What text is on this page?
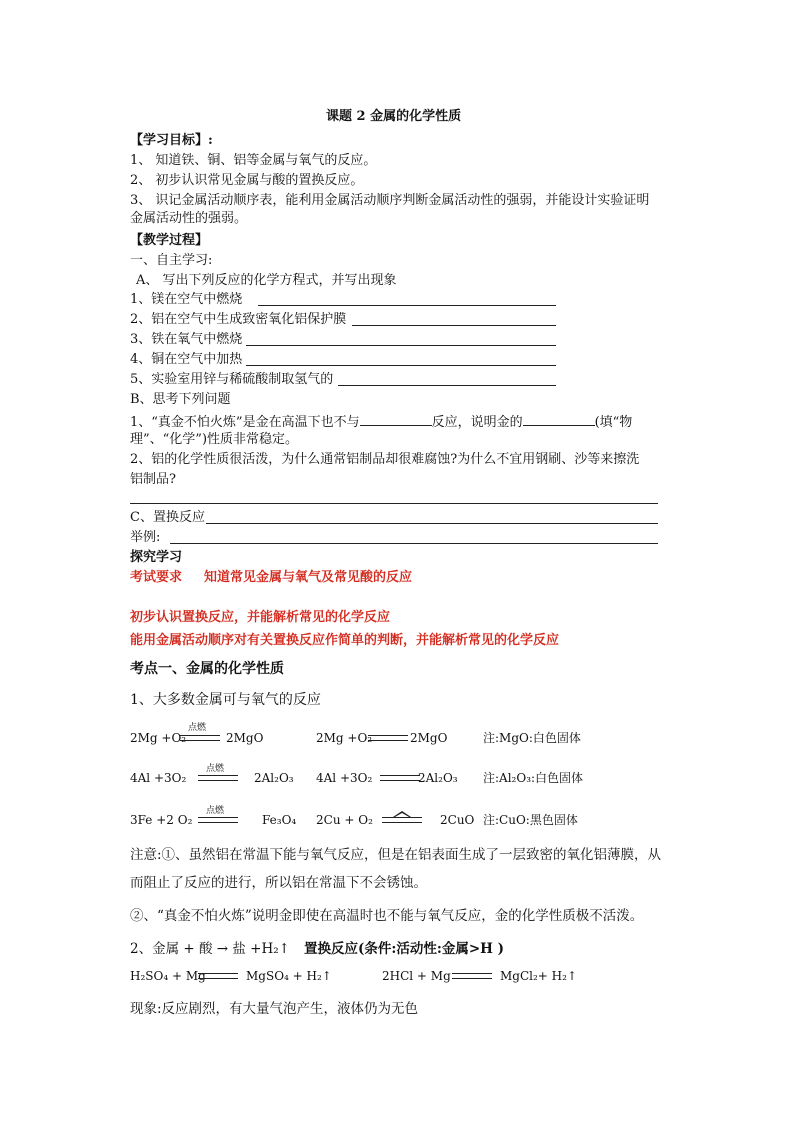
课题 2 金属的化学性质
【学习目标】:
1、 知道铁、铜、铝等金属与氧气的反应。
2、 初步认识常见金属与酸的置换反应。
3、 识记金属活动顺序表，能利用金属活动顺序判断金属活动性的强弱，并能设计实验证明
金属活动性的强弱。
【教学过程】
一、自主学习:
A、 写出下列反应的化学方程式，并写出现象
1、镁在空气中燃烧
2、铝在空气中生成致密氧化铝保护膜
3、铁在氧气中燃烧
4、铜在空气中加热
5、实验室用锌与稀硫酸制取氢气的
B、思考下列问题
1、“真金不怕火炼”是金在高温下也不与	反应，说明金的	(填“物
理”、“化学”)性质非常稳定。
2、铝的化学性质很活泼，为什么通常铝制品却很难腐蚀?为什么不宜用钢刷、沙等来擦洗
铝制品?
C、置换反应
举例:
探究学习
考试要求 知道常见金属与氧气及常见酸的反应
初步认识置换反应，并能解析常见的化学反应
能用金属活动顺序对有关置换反应作简单的判断，并能解析常见的化学反应
考点一、金属的化学性质
1、大多数金属可与氧气的反应
2Mg +O₂
点燃
2MgO	2Mg +O₂	2MgO	注:MgO:白色固体
4Al +3O₂
点燃
2Al₂O₃ 4Al +3O₂	2Al₂O₃ 注:Al₂O₃:白色固体
3Fe +2 O₂
点燃
Fe₃O₄ 2Cu + O₂	2CuO 注:CuO:黑色固体
注意:①、虽然铝在常温下能与氧气反应，但是在铝表面生成了一层致密的氧化铝薄膜，从
而阻止了反应的进行，所以铝在常温下不会锈蚀。
②、“真金不怕火炼”说明金即使在高温时也不能与氧气反应，金的化学性质极不活泼。
2、金属 + 酸 → 盐 +H₂↑ 置换反应(条件:活动性:金属>H )
H₂SO₄ + Mg	MgSO₄ + H₂↑	2HCl + Mg	MgCl₂+ H₂↑
现象:反应剧烈，有大量气泡产生，液体仍为无色
